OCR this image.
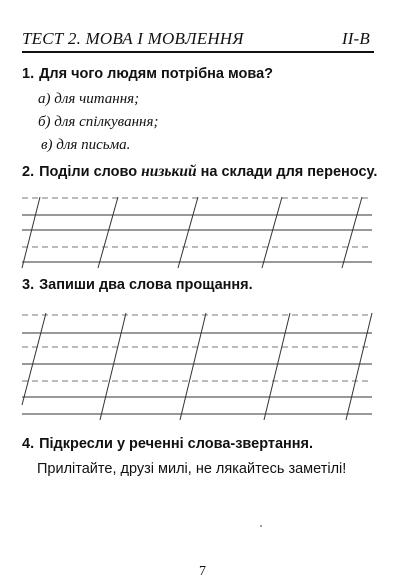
ТЕСТ 2. МОВА І МОВЛЕННЯ	ІІ-В
1. Для чого людям потрібна мова?
а) для читання;
б) для спілкування;
в) для письма.
2. Поділи слово низький на склади для переносу.
3. Запиши два слова прощання.
4. Підкресли у реченні слова-звертання.
Прилітайте, друзі милі, не лякайтесь заметілі!
7
